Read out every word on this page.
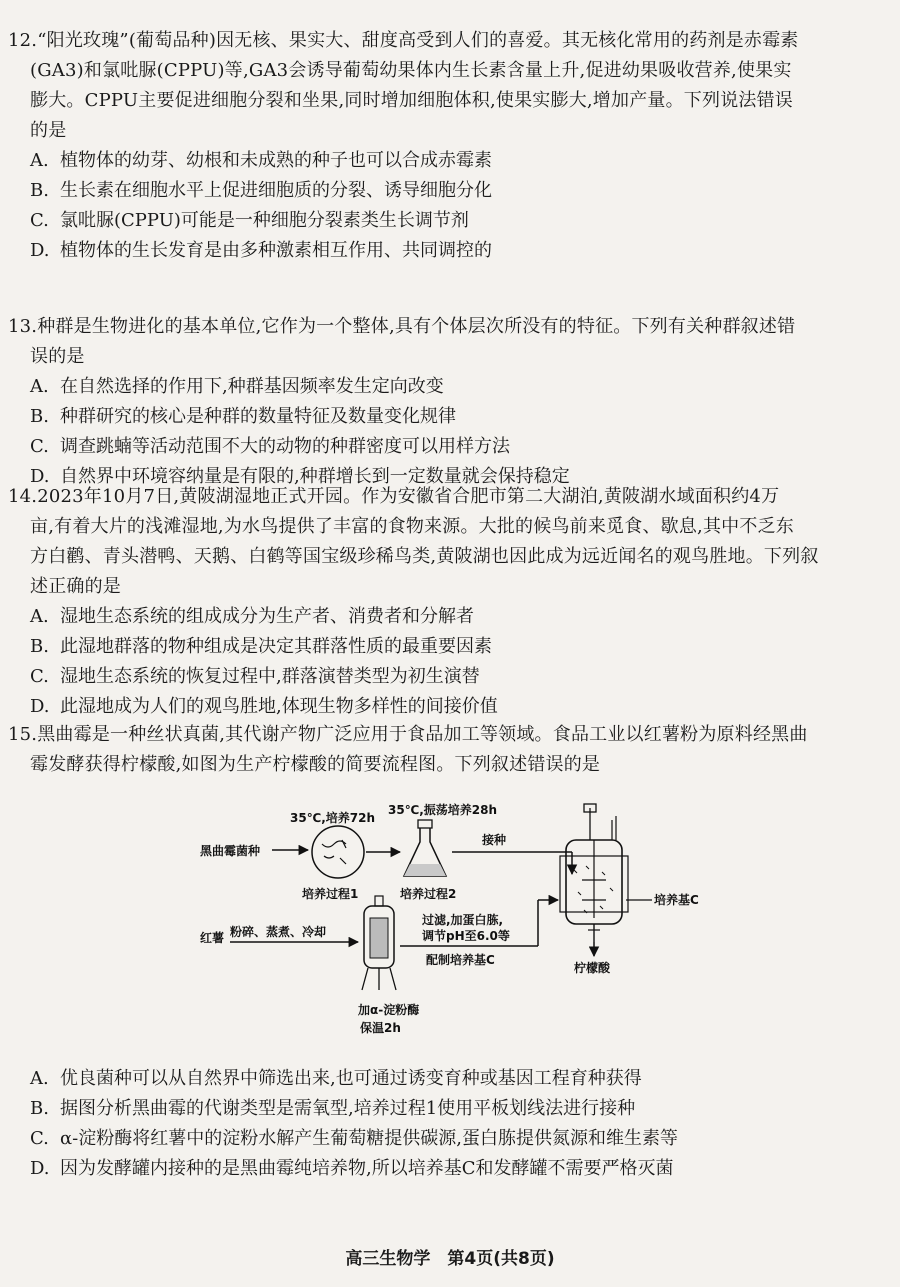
12.“阳光玫瑰”(葡萄品种)因无核、果实大、甜度高受到人们的喜爱。其无核化常用的药剂是赤霉素
(GA3)和氯吡脲(CPPU)等,GA3会诱导葡萄幼果体内生长素含量上升,促进幼果吸收营养,使果实
膨大。CPPU主要促进细胞分裂和坐果,同时增加细胞体积,使果实膨大,增加产量。下列说法错误
的是
A. 植物体的幼芽、幼根和未成熟的种子也可以合成赤霉素
B. 生长素在细胞水平上促进细胞质的分裂、诱导细胞分化
C. 氯吡脲(CPPU)可能是一种细胞分裂素类生长调节剂
D. 植物体的生长发育是由多种激素相互作用、共同调控的
13.种群是生物进化的基本单位,它作为一个整体,具有个体层次所没有的特征。下列有关种群叙述错
误的是
A. 在自然选择的作用下,种群基因频率发生定向改变
B. 种群研究的核心是种群的数量特征及数量变化规律
C. 调查跳蝻等活动范围不大的动物的种群密度可以用样方法
D. 自然界中环境容纳量是有限的,种群增长到一定数量就会保持稳定
14.2023年10月7日,黄陂湖湿地正式开园。作为安徽省合肥市第二大湖泊,黄陂湖水域面积约4万
亩,有着大片的浅滩湿地,为水鸟提供了丰富的食物来源。大批的候鸟前来觅食、歇息,其中不乏东
方白鹳、青头潜鸭、天鹅、白鹤等国宝级珍稀鸟类,黄陂湖也因此成为远近闻名的观鸟胜地。下列叙
述正确的是
A. 湿地生态系统的组成成分为生产者、消费者和分解者
B. 此湿地群落的物种组成是决定其群落性质的最重要因素
C. 湿地生态系统的恢复过程中,群落演替类型为初生演替
D. 此湿地成为人们的观鸟胜地,体现生物多样性的间接价值
15.黑曲霉是一种丝状真菌,其代谢产物广泛应用于食品加工等领域。食品工业以红薯粉为原料经黑曲
霉发酵获得柠檬酸,如图为生产柠檬酸的简要流程图。下列叙述错误的是
黑曲霉菌种
35℃,培养72h
培养过程1
35℃,振荡培养28h
培养过程2
接种
培养基C
柠檬酸
红薯 粉碎、蒸煮、冷却
加α-淀粉酶
保温2h
过滤,加蛋白胨,
调节pH至6.0等
配制培养基C
A. 优良菌种可以从自然界中筛选出来,也可通过诱变育种或基因工程育种获得
B. 据图分析黑曲霉的代谢类型是需氧型,培养过程1使用平板划线法进行接种
C. α-淀粉酶将红薯中的淀粉水解产生葡萄糖提供碳源,蛋白胨提供氮源和维生素等
D. 因为发酵罐内接种的是黑曲霉纯培养物,所以培养基C和发酵罐不需要严格灭菌
高三生物学　第4页(共8页)
